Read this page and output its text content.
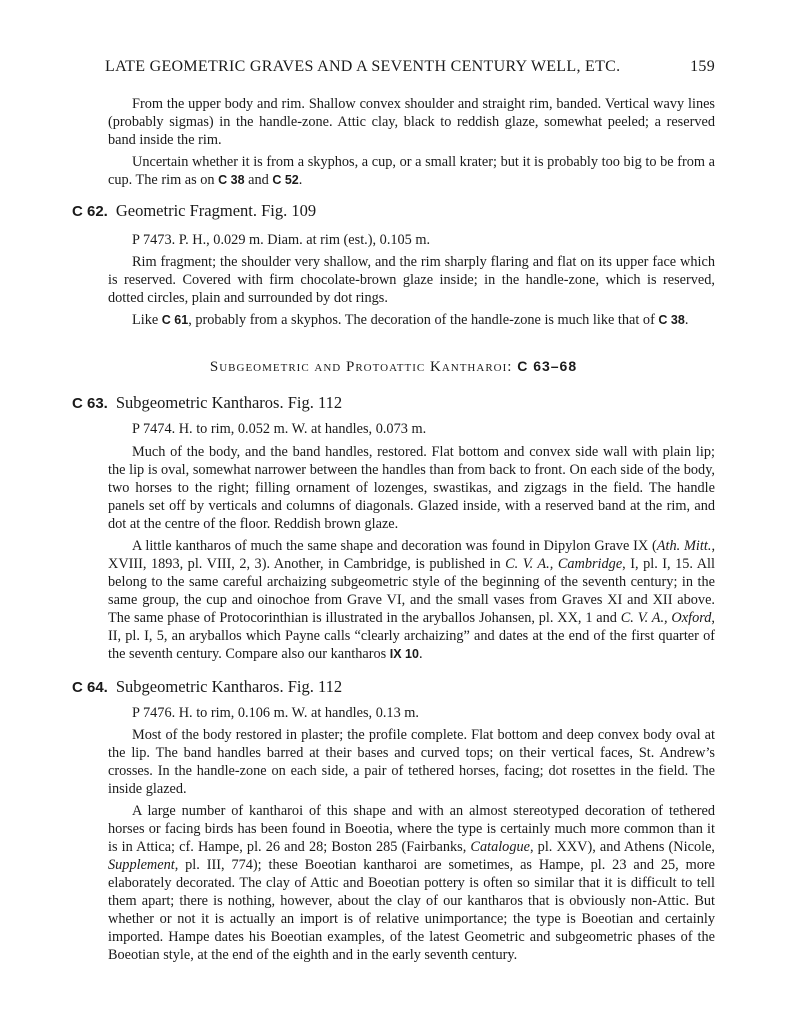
LATE GEOMETRIC GRAVES AND A SEVENTH CENTURY WELL, ETC.	159

From the upper body and rim. Shallow convex shoulder and straight rim, banded. Vertical wavy lines (probably sigmas) in the handle-zone. Attic clay, black to reddish glaze, somewhat peeled; a reserved band inside the rim.

Uncertain whether it is from a skyphos, a cup, or a small krater; but it is probably too big to be from a cup. The rim as on C 38 and C 52.

C 62. Geometric Fragment. Fig. 109
P 7473. P. H., 0.029 m. Diam. at rim (est.), 0.105 m.

Rim fragment; the shoulder very shallow, and the rim sharply flaring and flat on its upper face which is reserved. Covered with firm chocolate-brown glaze inside; in the handle-zone, which is reserved, dotted circles, plain and surrounded by dot rings.

Like C 61, probably from a skyphos. The decoration of the handle-zone is much like that of C 38.

Subgeometric and Protoattic Kantharoi: C 63–68
C 63. Subgeometric Kantharos. Fig. 112
P 7474. H. to rim, 0.052 m. W. at handles, 0.073 m.

Much of the body, and the band handles, restored. Flat bottom and convex side wall with plain lip; the lip is oval, somewhat narrower between the handles than from back to front. On each side of the body, two horses to the right; filling ornament of lozenges, swastikas, and zigzags in the field. The handle panels set off by verticals and columns of diagonals. Glazed inside, with a reserved band at the rim, and dot at the centre of the floor. Reddish brown glaze.

A little kantharos of much the same shape and decoration was found in Dipylon Grave IX (Ath. Mitt., XVIII, 1893, pl. VIII, 2, 3). Another, in Cambridge, is published in C. V. A., Cambridge, I, pl. I, 15. All belong to the same careful archaizing subgeometric style of the beginning of the seventh century; in the same group, the cup and oinochoe from Grave VI, and the small vases from Graves XI and XII above. The same phase of Protocorinthian is illustrated in the aryballos Johansen, pl. XX, 1 and C. V. A., Oxford, II, pl. I, 5, an aryballos which Payne calls “clearly archaizing” and dates at the end of the first quarter of the seventh century. Compare also our kantharos IX 10.

C 64. Subgeometric Kantharos. Fig. 112
P 7476. H. to rim, 0.106 m. W. at handles, 0.13 m.

Most of the body restored in plaster; the profile complete. Flat bottom and deep convex body oval at the lip. The band handles barred at their bases and curved tops; on their vertical faces, St. Andrew’s crosses. In the handle-zone on each side, a pair of tethered horses, facing; dot rosettes in the field. The inside glazed.

A large number of kantharoi of this shape and with an almost stereotyped decoration of tethered horses or facing birds has been found in Boeotia, where the type is certainly much more common than it is in Attica; cf. Hampe, pl. 26 and 28; Boston 285 (Fairbanks, Catalogue, pl. XXV), and Athens (Nicole, Supplement, pl. III, 774); these Boeotian kantharoi are sometimes, as Hampe, pl. 23 and 25, more elaborately decorated. The clay of Attic and Boeotian pottery is often so similar that it is difficult to tell them apart; there is nothing, however, about the clay of our kantharos that is obviously non-Attic. But whether or not it is actually an import is of relative unimportance; the type is Boeotian and certainly imported. Hampe dates his Boeotian examples, of the latest Geometric and subgeometric phases of the Boeotian style, at the end of the eighth and in the early seventh century.
